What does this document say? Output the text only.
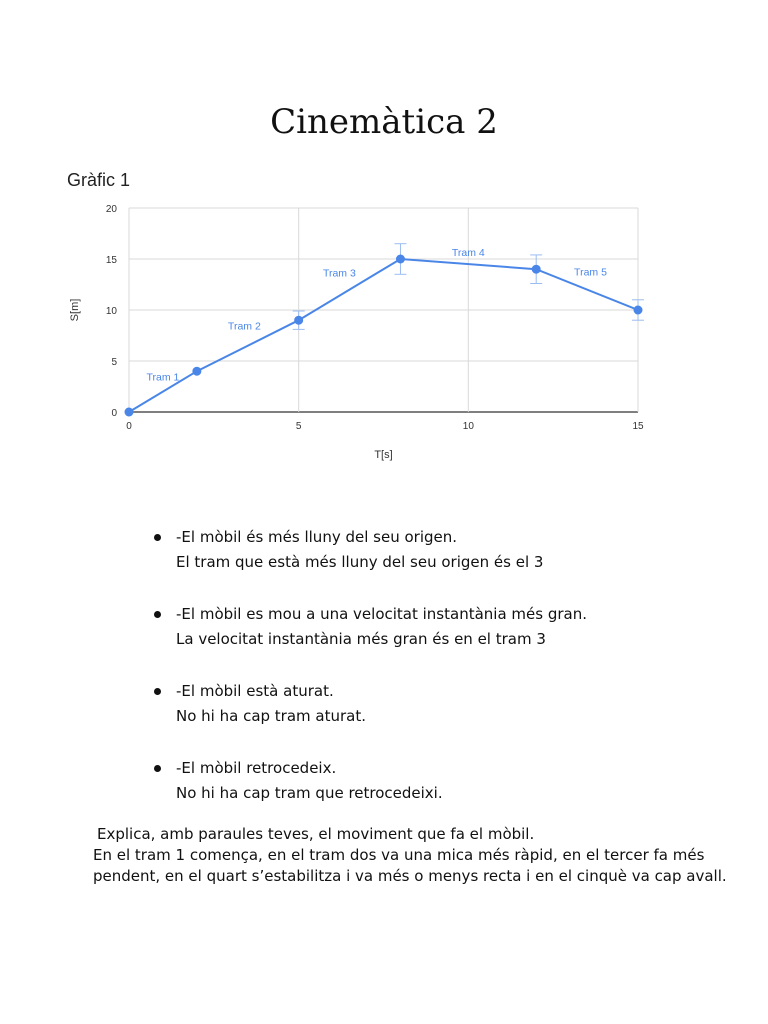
Cinemàtica 2
Gràfic 1
0
5
10
15
20
0	5	10	15
T[s]
S[m]
Tram 1
Tram 2
Tram 3
Tram 4
Tram 5
-El mòbil és més lluny del seu origen.
El tram que està més lluny del seu origen és el 3
-El mòbil es mou a una velocitat instantània més gran.
La velocitat instantània més gran és en el tram 3
-El mòbil està aturat.
No hi ha cap tram aturat.
-El mòbil retrocedeix.
No hi ha cap tram que retrocedeixi.
Explica, amb paraules teves, el moviment que fa el mòbil.
En el tram 1 comença, en el tram dos va una mica més ràpid, en el tercer fa més pendent, en el quart s’estabilitza i va més o menys recta i en el cinquè va cap avall.
